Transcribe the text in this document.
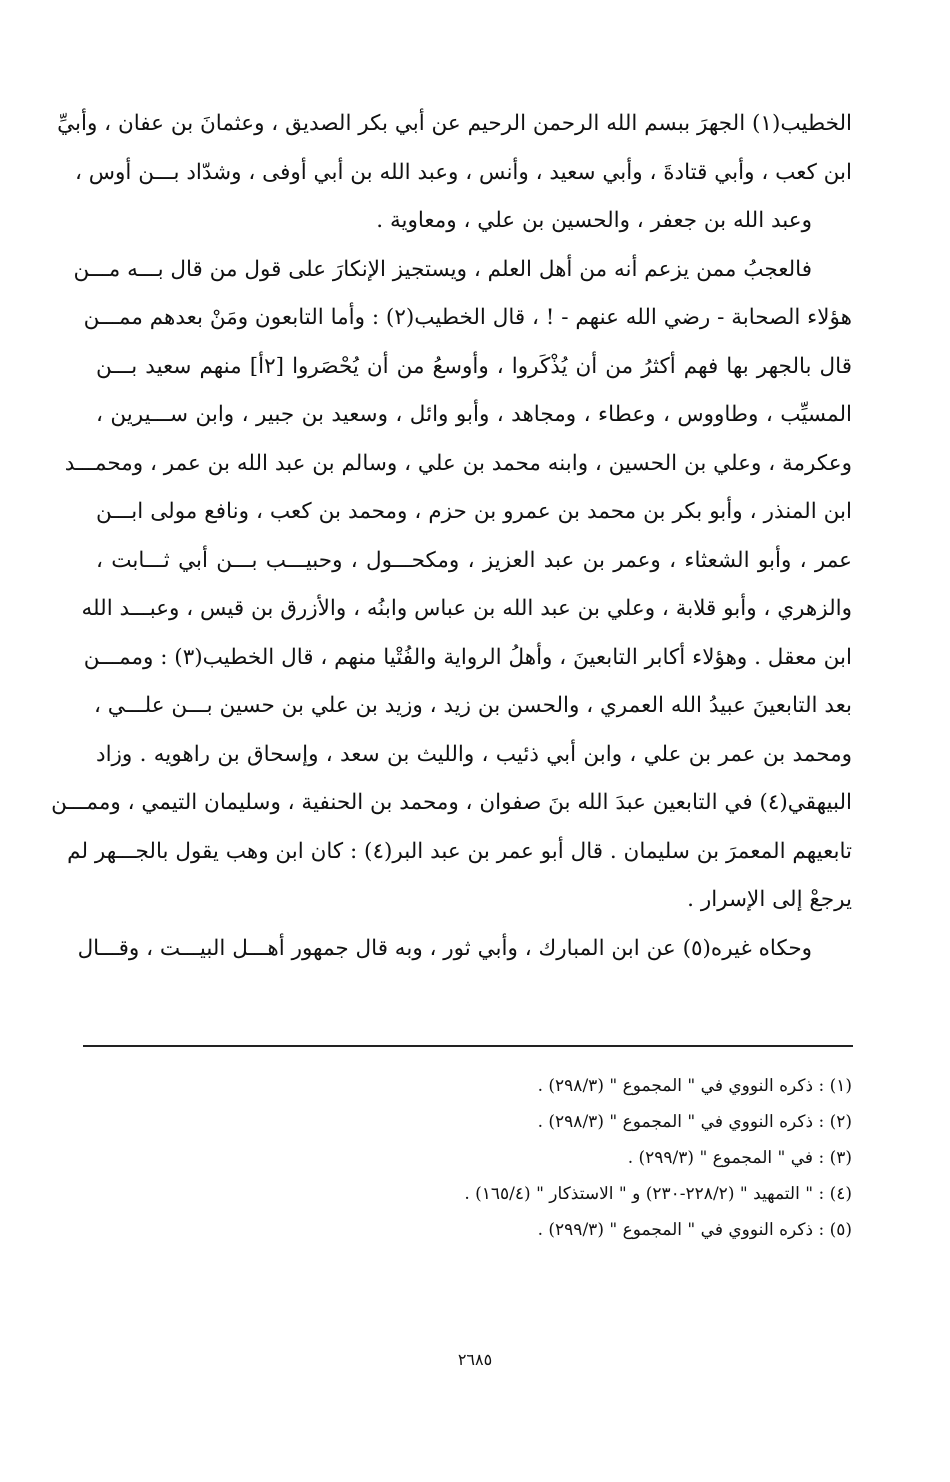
الخطيب(١) الجهرَ ببسم الله الرحمن الرحيم عن أبي بكر الصديق ، وعثمانَ بن عفان ، وأبيِّ
ابن كعب ، وأبي قتادةَ ، وأبي سعيد ، وأنس ، وعبد الله بن أبي أوفى ، وشدّاد بـــن أوس ،
وعبد الله بن جعفر ، والحسين بن علي ، ومعاوية .
فالعجبُ ممن يزعم أنه من أهل العلم ، ويستجيز الإنكارَ على قول من قال بـــه مـــن
هؤلاء الصحابة - رضي الله عنهم - ! ، قال الخطيب(٢) : وأما التابعون ومَنْ بعدهم ممـــن
قال بالجهر بها فهم أكثرُ من أن يُذْكَروا ، وأوسعُ من أن يُحْصَروا [٢أ] منهم سعيد بـــن
المسيِّب ، وطاووس ، وعطاء ، ومجاهد ، وأبو وائل ، وسعيد بن جبير ، وابن ســـيرين ،
وعكرمة ، وعلي بن الحسين ، وابنه محمد بن علي ، وسالم بن عبد الله بن عمر ، ومحمـــد
ابن المنذر ، وأبو بكر بن محمد بن عمرو بن حزم ، ومحمد بن كعب ، ونافع مولى ابـــن
عمر ، وأبو الشعثاء ، وعمر بن عبد العزيز ، ومكحـــول ، وحبيـــب بـــن أبي ثـــابت ،
والزهري ، وأبو قلابة ، وعلي بن عبد الله بن عباس وابنُه ، والأزرق بن قيس ، وعبـــد الله
ابن معقل . وهؤلاء أكابر التابعينَ ، وأهلُ الرواية والفُتْيا منهم ، قال الخطيب(٣) : وممـــن
بعد التابعينَ عبيدُ الله العمري ، والحسن بن زيد ، وزيد بن علي بن حسين بـــن علـــي ،
ومحمد بن عمر بن علي ، وابن أبي ذئيب ، والليث بن سعد ، وإسحاق بن راهويه . وزاد
البيهقي(٤) في التابعين عبدَ الله بنَ صفوان ، ومحمد بن الحنفية ، وسليمان التيمي ، وممـــن
تابعيهم المعمرَ بن سليمان . قال أبو عمر بن عبد البر(٤) : كان ابن وهب يقول بالجـــهر لم
يرجعْ إلى الإسرار .
وحكاه غيره(٥) عن ابن المبارك ، وأبي ثور ، وبه قال جمهور أهـــل البيـــت ، وقـــال
(١) : ذكره النووي في " المجموع " (٢٩٨/٣) .
(٢) : ذكره النووي في " المجموع " (٢٩٨/٣) .
(٣) : في " المجموع " (٢٩٩/٣) .
(٤) : " التمهيد " (٢٢٨/٢-٢٣٠) و " الاستذكار " (١٦٥/٤) .
(٥) : ذكره النووي في " المجموع " (٢٩٩/٣) .
٢٦٨٥
